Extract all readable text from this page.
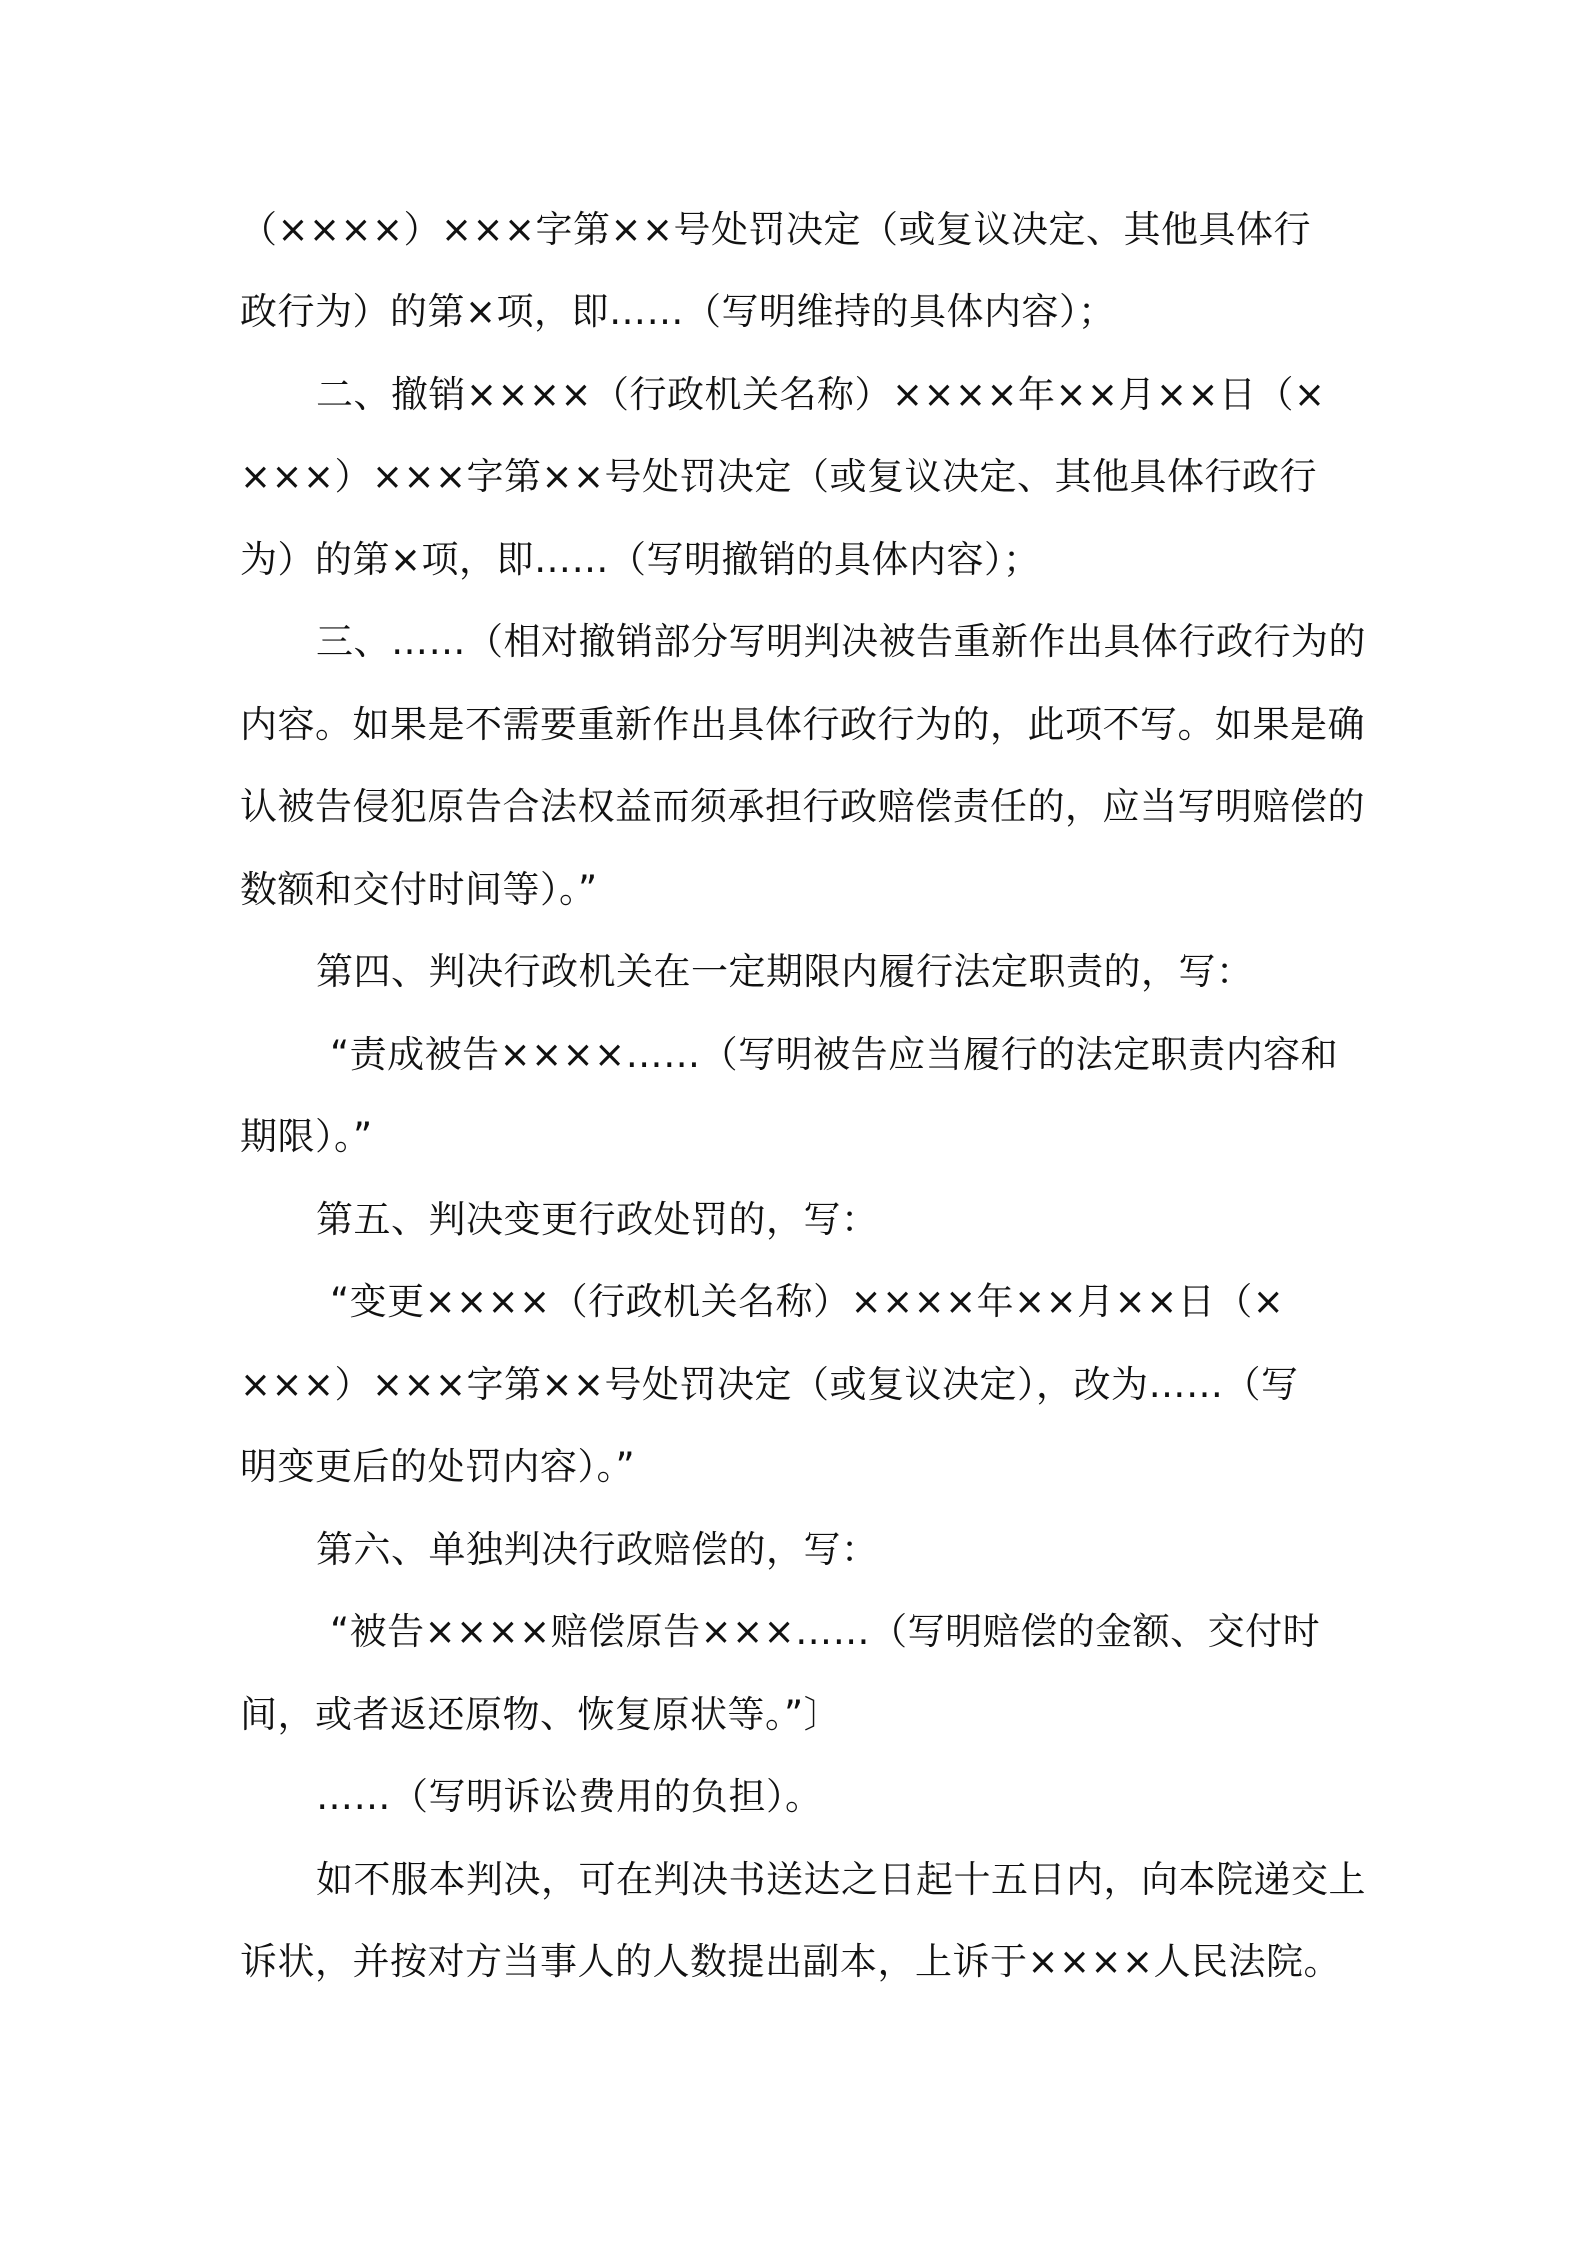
（××××）×××字第××号处罚决定（或复议决定、其他具体行
政行为）的第×项，即……（写明维持的具体内容）；
二、撤销××××（行政机关名称）××××年××月××日（×
×××）×××字第××号处罚决定（或复议决定、其他具体行政行
为）的第×项，即……（写明撤销的具体内容）；
三、……（相对撤销部分写明判决被告重新作出具体行政行为的
内容。如果是不需要重新作出具体行政行为的，此项不写。如果是确
认被告侵犯原告合法权益而须承担行政赔偿责任的，应当写明赔偿的
数额和交付时间等）。”
第四、判决行政机关在一定期限内履行法定职责的，写：
“责成被告××××……（写明被告应当履行的法定职责内容和
期限）。”
第五、判决变更行政处罚的，写：
“变更××××（行政机关名称）××××年××月××日（×
×××）×××字第××号处罚决定（或复议决定），改为……（写
明变更后的处罚内容）。”
第六、单独判决行政赔偿的，写：
“被告××××赔偿原告×××……（写明赔偿的金额、交付时
间，或者返还原物、恢复原状等。”〕
……（写明诉讼费用的负担）。
如不服本判决，可在判决书送达之日起十五日内，向本院递交上
诉状，并按对方当事人的人数提出副本，上诉于××××人民法院。
